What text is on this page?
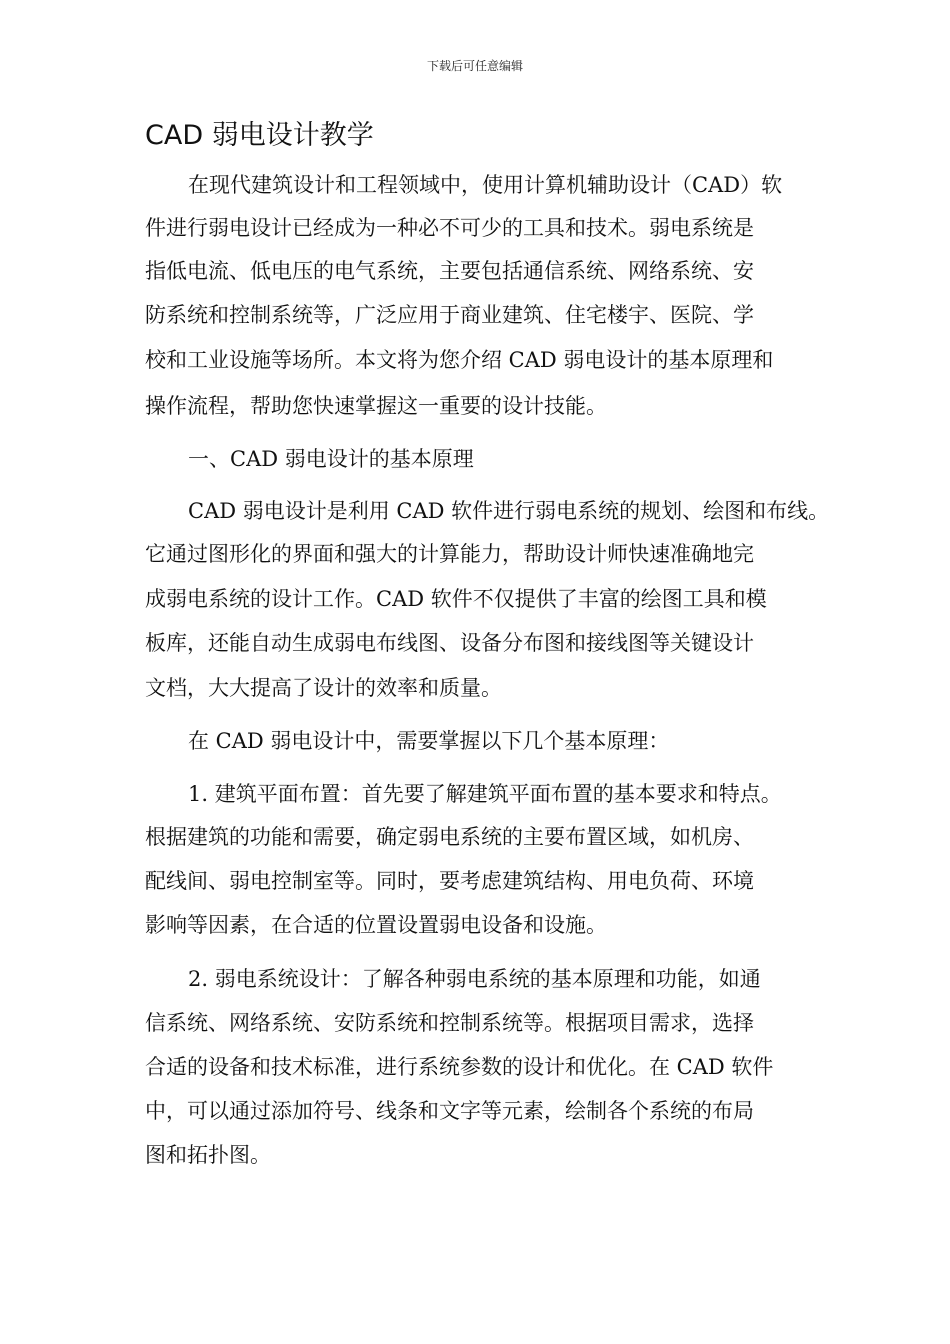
下载后可任意编辑
CAD 弱电设计教学
在现代建筑设计和工程领域中，使用计算机辅助设计（CAD）软
件进行弱电设计已经成为一种必不可少的工具和技术。弱电系统是
指低电流、低电压的电气系统，主要包括通信系统、网络系统、安
防系统和控制系统等，广泛应用于商业建筑、住宅楼宇、医院、学
校和工业设施等场所。本文将为您介绍 CAD 弱电设计的基本原理和
操作流程，帮助您快速掌握这一重要的设计技能。
一、CAD 弱电设计的基本原理
CAD 弱电设计是利用 CAD 软件进行弱电系统的规划、绘图和布线。
它通过图形化的界面和强大的计算能力，帮助设计师快速准确地完
成弱电系统的设计工作。CAD 软件不仅提供了丰富的绘图工具和模
板库，还能自动生成弱电布线图、设备分布图和接线图等关键设计
文档，大大提高了设计的效率和质量。
在 CAD 弱电设计中，需要掌握以下几个基本原理：
1. 建筑平面布置：首先要了解建筑平面布置的基本要求和特点。
根据建筑的功能和需要，确定弱电系统的主要布置区域，如机房、
配线间、弱电控制室等。同时，要考虑建筑结构、用电负荷、环境
影响等因素，在合适的位置设置弱电设备和设施。
2. 弱电系统设计：了解各种弱电系统的基本原理和功能，如通
信系统、网络系统、安防系统和控制系统等。根据项目需求，选择
合适的设备和技术标准，进行系统参数的设计和优化。在 CAD 软件
中，可以通过添加符号、线条和文字等元素，绘制各个系统的布局
图和拓扑图。
